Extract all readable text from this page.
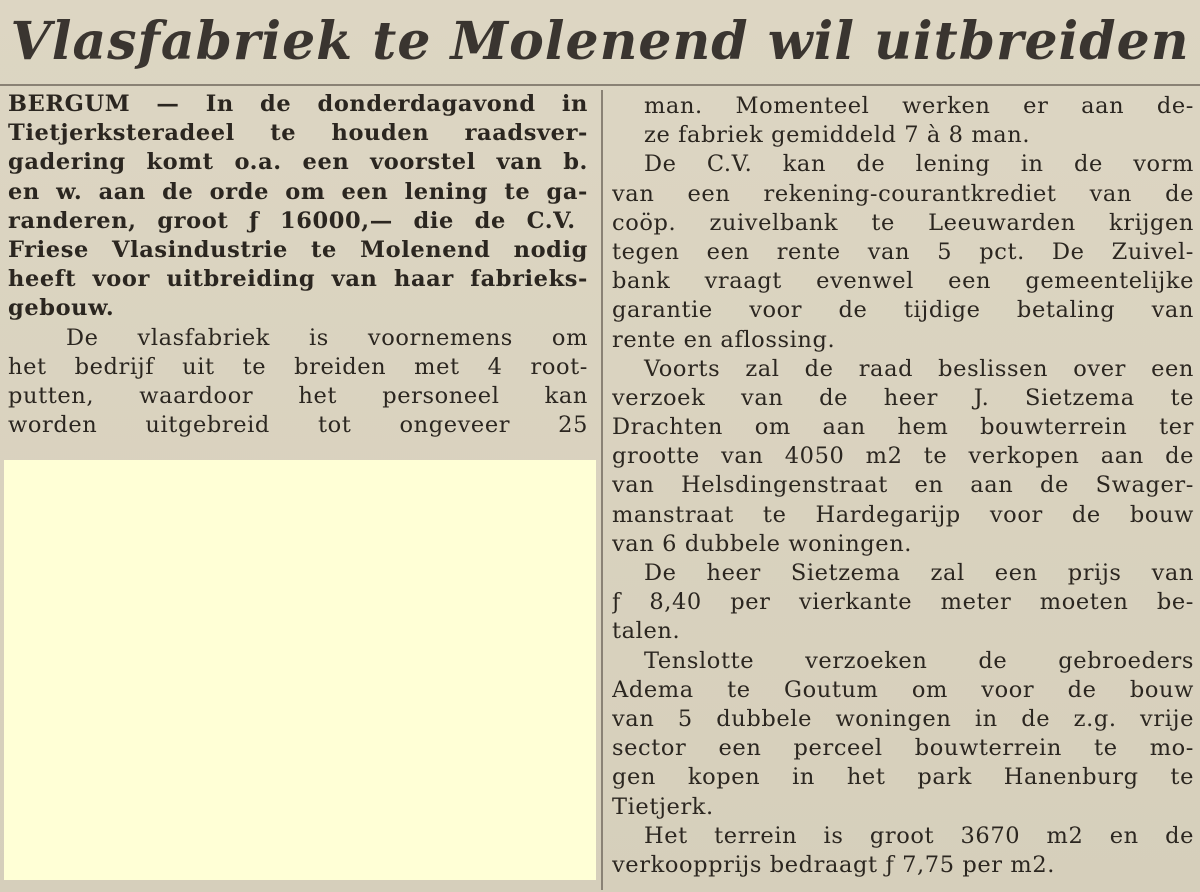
Vlasfabriek te Molenend wil uitbreiden
BERGUM — In de donderdagavond in
Tietjerksteradeel te houden raadsver-
gadering komt o.a. een voorstel van b.
en w. aan de orde om een lening te ga-
randeren, groot ƒ 16000,— die de C.V.
Friese Vlasindustrie te Molenend nodig
heeft voor uitbreiding van haar fabrieks-
gebouw.
De vlasfabriek is voornemens om
het bedrijf uit te breiden met 4 root-
putten, waardoor het personeel kan
worden uitgebreid tot ongeveer 25
man. Momenteel werken er aan de-
ze fabriek gemiddeld 7 à 8 man.
De C.V. kan de lening in de vorm
van een rekening-courantkrediet van de
coöp. zuivelbank te Leeuwarden krijgen
tegen een rente van 5 pct. De Zuivel-
bank vraagt evenwel een gemeentelijke
garantie voor de tijdige betaling van
rente en aflossing.
Voorts zal de raad beslissen over een
verzoek van de heer J. Sietzema te
Drachten om aan hem bouwterrein ter
grootte van 4050 m2 te verkopen aan de
van Helsdingenstraat en aan de Swager-
manstraat te Hardegarijp voor de bouw
van 6 dubbele woningen.
De heer Sietzema zal een prijs van
ƒ 8,40 per vierkante meter moeten be-
talen.
Tenslotte verzoeken de gebroeders
Adema te Goutum om voor de bouw
van 5 dubbele woningen in de z.g. vrije
sector een perceel bouwterrein te mo-
gen kopen in het park Hanenburg te
Tietjerk.
Het terrein is groot 3670 m2 en de
verkoopprijs bedraagt ƒ 7,75 per m2.
